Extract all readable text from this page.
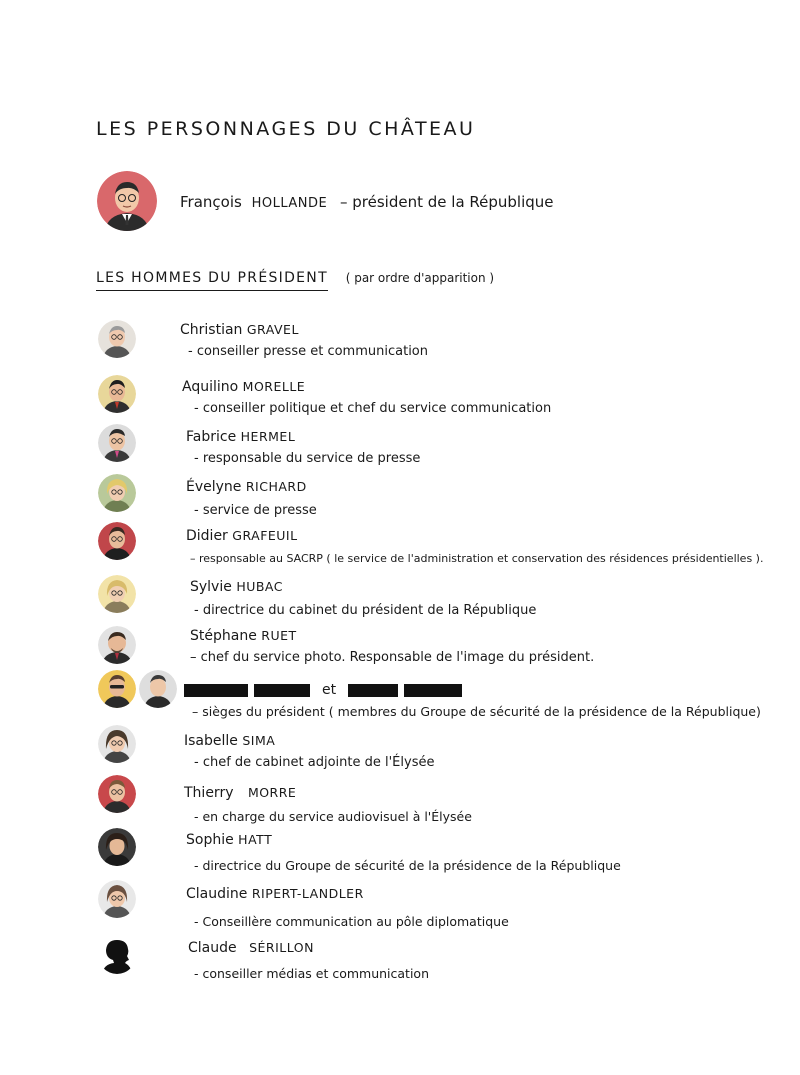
LES PERSONNAGES DU CHÂTEAU
François HOLLANDE – président de la République
LES HOMMES DU PRÉSIDENT ( par ordre d'apparition )
Christian GRAVEL
- conseiller presse et communication
Aquilino MORELLE
- conseiller politique et chef du service communication
Fabrice HERMEL
- responsable du service de presse
Évelyne RICHARD
- service de presse
Didier GRAFEUIL
– responsable au SACRP ( le service de l'administration et conservation des résidences présidentielles ).
Sylvie HUBAC
- directrice du cabinet du président de la République
Stéphane RUET
– chef du service photo. Responsable de l'image du président.
et
– sièges du président ( membres du Groupe de sécurité de la présidence de la République)
Isabelle SIMA
- chef de cabinet adjointe de l'Élysée
Thierry MORRE
- en charge du service audiovisuel à l'Élysée
Sophie HATT
- directrice du Groupe de sécurité de la présidence de la République
Claudine RIPERT-LANDLER
- Conseillère communication au pôle diplomatique
Claude SÉRILLON
- conseiller médias et communication
